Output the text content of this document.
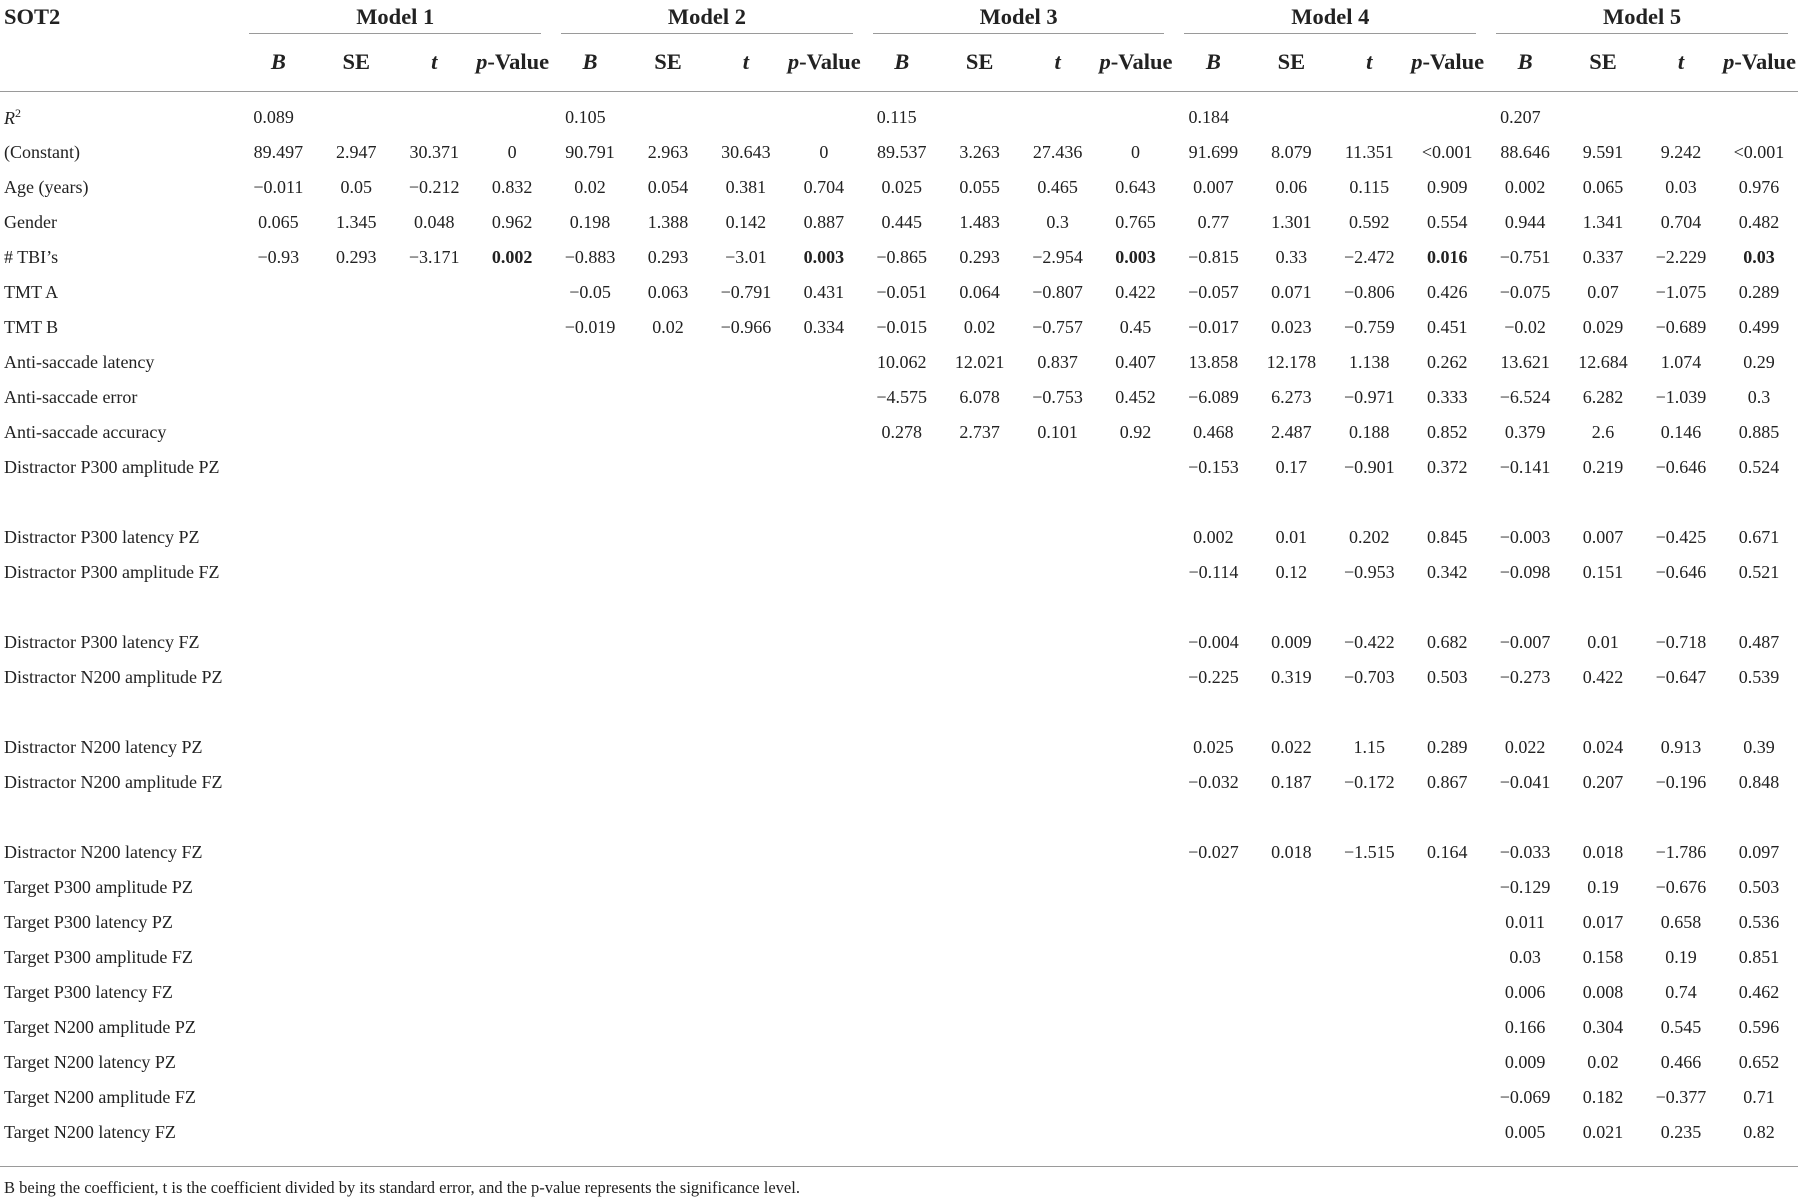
SOT2	Model 1				Model 2				Model 3				Model 4				Model 5			
	B	SE	t	p-Value	B	SE	t	p-Value	B	SE	t	p-Value	B	SE	t	p-Value	B	SE	t	p-Value

$R^2$	0.089				0.105				0.115				0.184				0.207			
(Constant)	89.497	2.947	30.371	0	90.791	2.963	30.643	0	89.537	3.263	27.436	0	91.699	8.079	11.351	<0.001	88.646	9.591	9.242	<0.001
Age (years)	−0.011	0.05	−0.212	0.832	0.02	0.054	0.381	0.704	0.025	0.055	0.465	0.643	0.007	0.06	0.115	0.909	0.002	0.065	0.03	0.976
Gender	0.065	1.345	0.048	0.962	0.198	1.388	0.142	0.887	0.445	1.483	0.3	0.765	0.77	1.301	0.592	0.554	0.944	1.341	0.704	0.482
# TBI’s	−0.93	0.293	−3.171	0.002	−0.883	0.293	−3.01	0.003	−0.865	0.293	−2.954	0.003	−0.815	0.33	−2.472	0.016	−0.751	0.337	−2.229	0.03
TMT A					−0.05	0.063	−0.791	0.431	−0.051	0.064	−0.807	0.422	−0.057	0.071	−0.806	0.426	−0.075	0.07	−1.075	0.289
TMT B					−0.019	0.02	−0.966	0.334	−0.015	0.02	−0.757	0.45	−0.017	0.023	−0.759	0.451	−0.02	0.029	−0.689	0.499
Anti-saccade latency									10.062	12.021	0.837	0.407	13.858	12.178	1.138	0.262	13.621	12.684	1.074	0.29
Anti-saccade error									−4.575	6.078	−0.753	0.452	−6.089	6.273	−0.971	0.333	−6.524	6.282	−1.039	0.3
Anti-saccade accuracy									0.278	2.737	0.101	0.92	0.468	2.487	0.188	0.852	0.379	2.6	0.146	0.885
Distractor P300 amplitude PZ													−0.153	0.17	−0.901	0.372	−0.141	0.219	−0.646	0.524
Distractor P300 latency PZ													0.002	0.01	0.202	0.845	−0.003	0.007	−0.425	0.671
Distractor P300 amplitude FZ													−0.114	0.12	−0.953	0.342	−0.098	0.151	−0.646	0.521
Distractor P300 latency FZ													−0.004	0.009	−0.422	0.682	−0.007	0.01	−0.718	0.487
Distractor N200 amplitude PZ													−0.225	0.319	−0.703	0.503	−0.273	0.422	−0.647	0.539
Distractor N200 latency PZ													0.025	0.022	1.15	0.289	0.022	0.024	0.913	0.39
Distractor N200 amplitude FZ													−0.032	0.187	−0.172	0.867	−0.041	0.207	−0.196	0.848
Distractor N200 latency FZ													−0.027	0.018	−1.515	0.164	−0.033	0.018	−1.786	0.097
Target P300 amplitude PZ																	−0.129	0.19	−0.676	0.503
Target P300 latency PZ																	0.011	0.017	0.658	0.536
Target P300 amplitude FZ																	0.03	0.158	0.19	0.851
Target P300 latency FZ																	0.006	0.008	0.74	0.462
Target N200 amplitude PZ																	0.166	0.304	0.545	0.596
Target N200 latency PZ																	0.009	0.02	0.466	0.652
Target N200 amplitude FZ																	−0.069	0.182	−0.377	0.71
Target N200 latency FZ																	0.005	0.021	0.235	0.82
B being the coefficient, t is the coefficient divided by its standard error, and the p-value represents the significance level.
